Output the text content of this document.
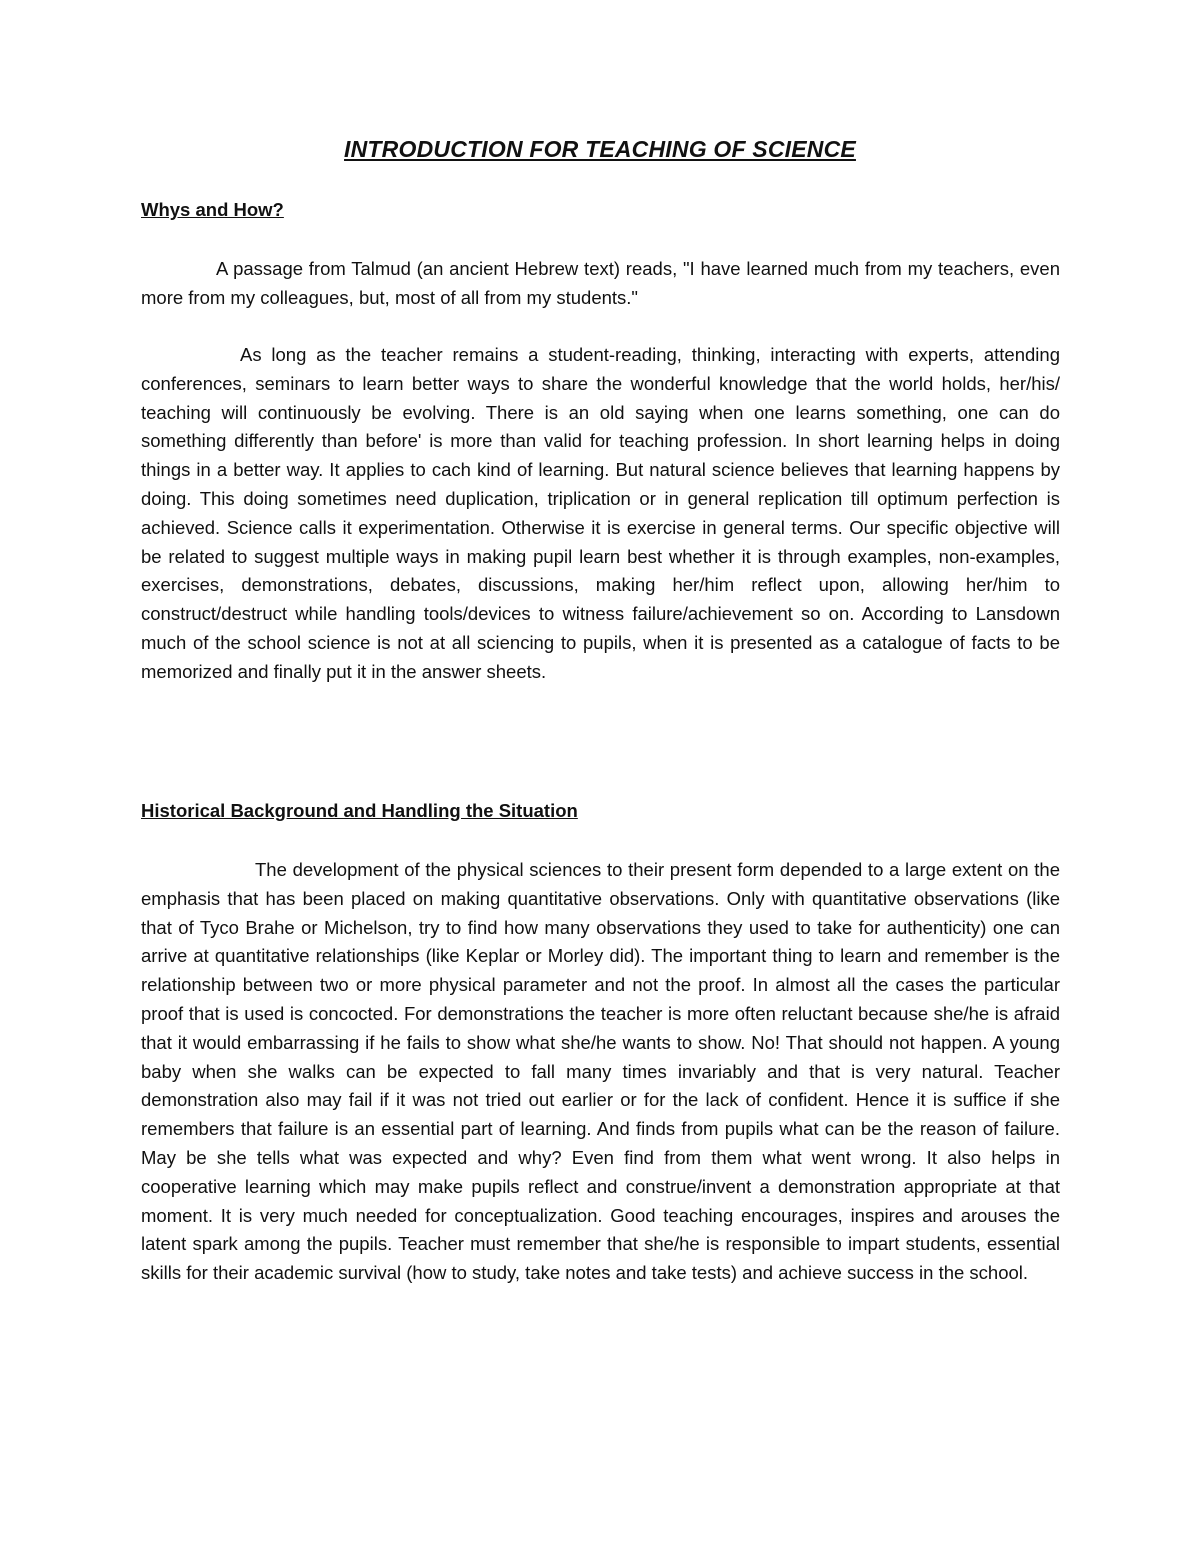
INTRODUCTION FOR TEACHING OF SCIENCE
Whys and How?

A passage from Talmud (an ancient Hebrew text) reads, "I have learned much from my teachers, even more from my colleagues, but, most of all from my students."

As long as the teacher remains a student-reading, thinking, interacting with experts, attending conferences, seminars to learn better ways to share the wonderful knowledge that the world holds, her/his/ teaching will continuously be evolving. There is an old saying when one learns something, one can do something differently than before' is more than valid for teaching profession. In short learning helps in doing things in a better way. It applies to cach kind of learning. But natural science believes that learning happens by doing. This doing sometimes need duplication, triplication or in general replication till optimum perfection is achieved. Science calls it experimentation. Otherwise it is exercise in general terms. Our specific objective will be related to suggest multiple ways in making pupil learn best whether it is through examples, non-examples, exercises, demonstrations, debates, discussions, making her/him reflect upon, allowing her/him to construct/destruct while handling tools/devices to witness failure/achievement so on. According to Lansdown much of the school science is not at all sciencing to pupils, when it is presented as a catalogue of facts to be memorized and finally put it in the answer sheets.

Historical Background and Handling the Situation

The development of the physical sciences to their present form depended to a large extent on the emphasis that has been placed on making quantitative observations. Only with quantitative observations (like that of Tyco Brahe or Michelson, try to find how many observations they used to take for authenticity) one can arrive at quantitative relationships (like Keplar or Morley did). The important thing to learn and remember is the relationship between two or more physical parameter and not the proof. In almost all the cases the particular proof that is used is concocted. For demonstrations the teacher is more often reluctant because she/he is afraid that it would embarrassing if he fails to show what she/he wants to show. No! That should not happen. A young baby when she walks can be expected to fall many times invariably and that is very natural. Teacher demonstration also may fail if it was not tried out earlier or for the lack of confident. Hence it is suffice if she remembers that failure is an essential part of learning. And finds from pupils what can be the reason of failure. May be she tells what was expected and why? Even find from them what went wrong. It also helps in cooperative learning which may make pupils reflect and construe/invent a demonstration appropriate at that moment. It is very much needed for conceptualization. Good teaching encourages, inspires and arouses the latent spark among the pupils. Teacher must remember that she/he is responsible to impart students, essential skills for their academic survival (how to study, take notes and take tests) and achieve success in the school.
